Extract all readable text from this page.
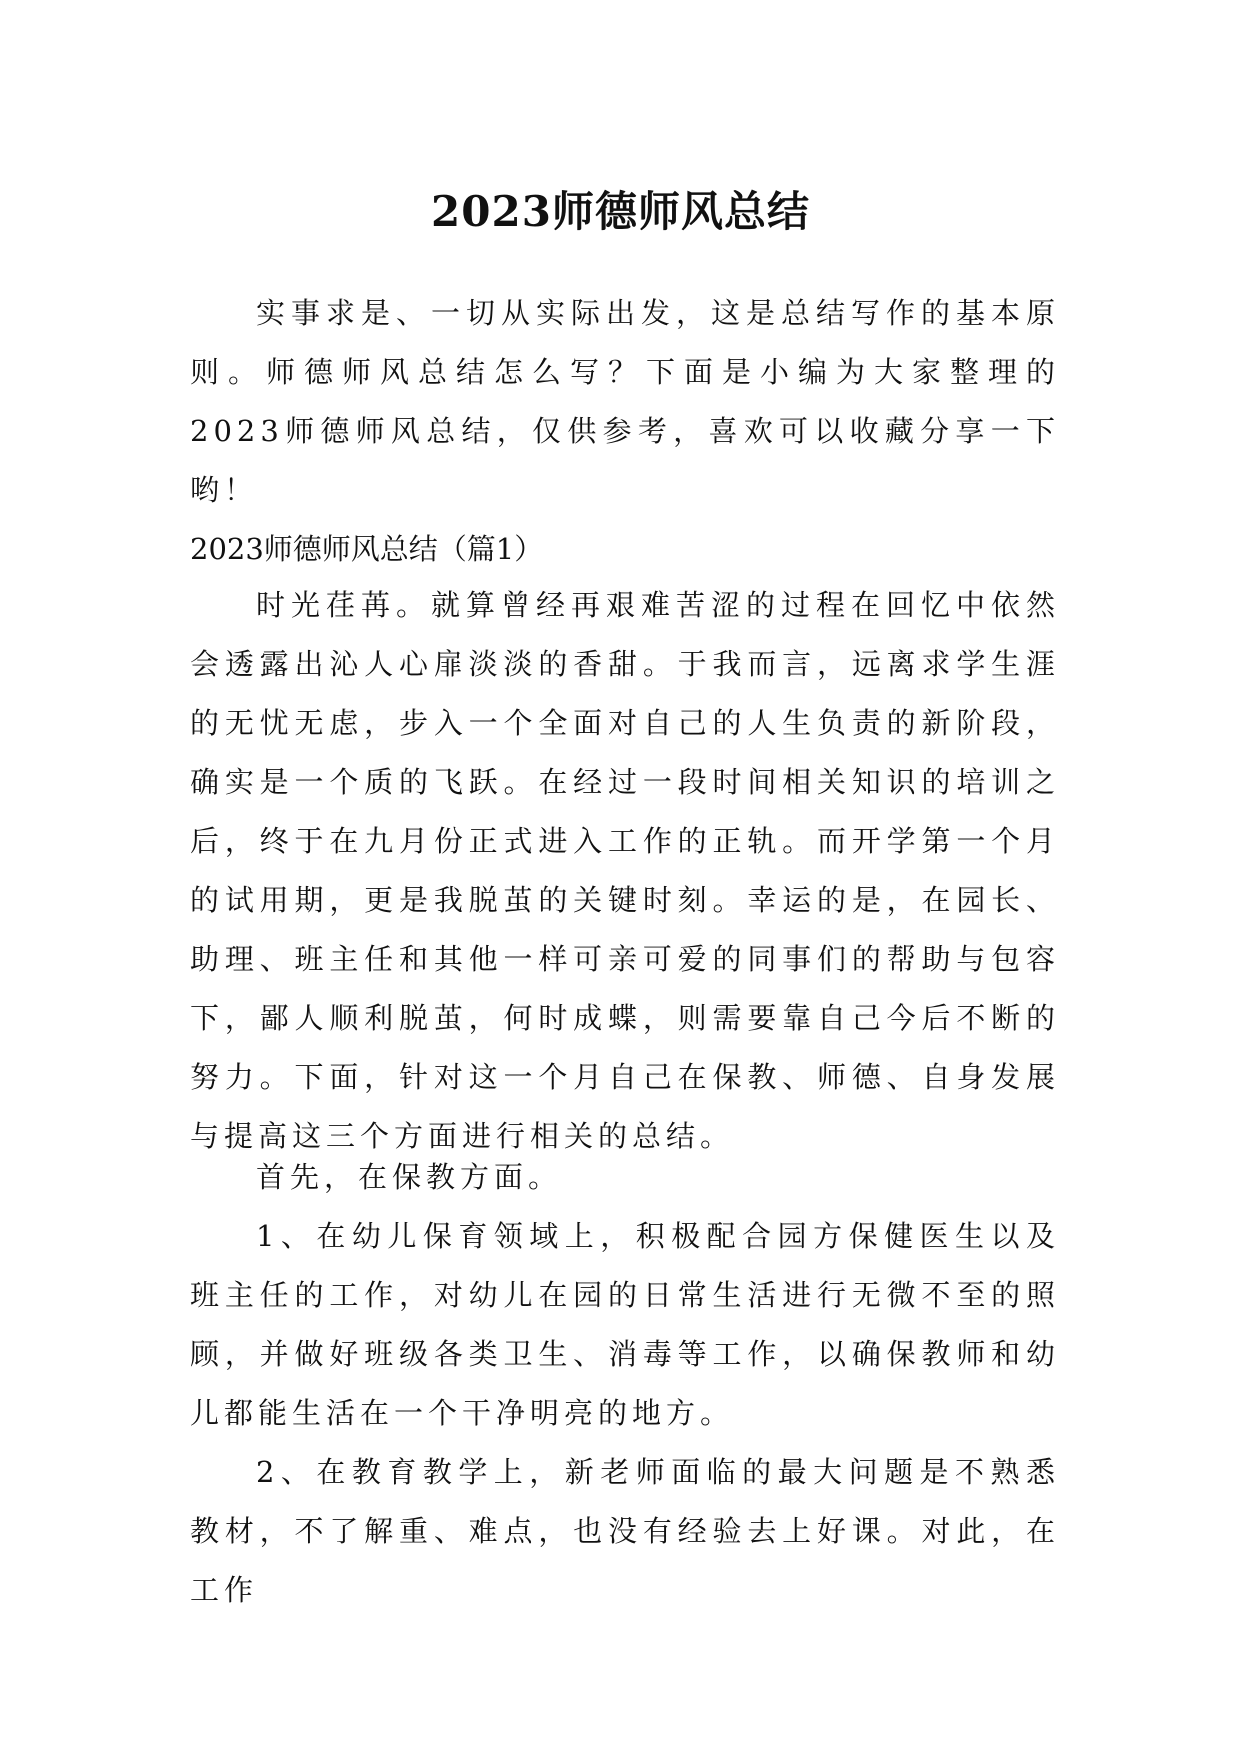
2023师德师风总结

实事求是、一切从实际出发，这是总结写作的基本原则。师德师风总结怎么写？下面是小编为大家整理的2023师德师风总结，仅供参考，喜欢可以收藏分享一下哟！

2023师德师风总结（篇1）

时光荏苒。就算曾经再艰难苦涩的过程在回忆中依然会透露出沁人心扉淡淡的香甜。于我而言，远离求学生涯的无忧无虑，步入一个全面对自己的人生负责的新阶段，确实是一个质的飞跃。在经过一段时间相关知识的培训之后，终于在九月份正式进入工作的正轨。而开学第一个月的试用期，更是我脱茧的关键时刻。幸运的是，在园长、助理、班主任和其他一样可亲可爱的同事们的帮助与包容下，鄙人顺利脱茧，何时成蝶，则需要靠自己今后不断的努力。下面，针对这一个月自己在保教、师德、自身发展与提高这三个方面进行相关的总结。

首先，在保教方面。

1、在幼儿保育领域上，积极配合园方保健医生以及班主任的工作，对幼儿在园的日常生活进行无微不至的照顾，并做好班级各类卫生、消毒等工作，以确保教师和幼儿都能生活在一个干净明亮的地方。

2、在教育教学上，新老师面临的最大问题是不熟悉教材，不了解重、难点，也没有经验去上好课。对此，在工作
